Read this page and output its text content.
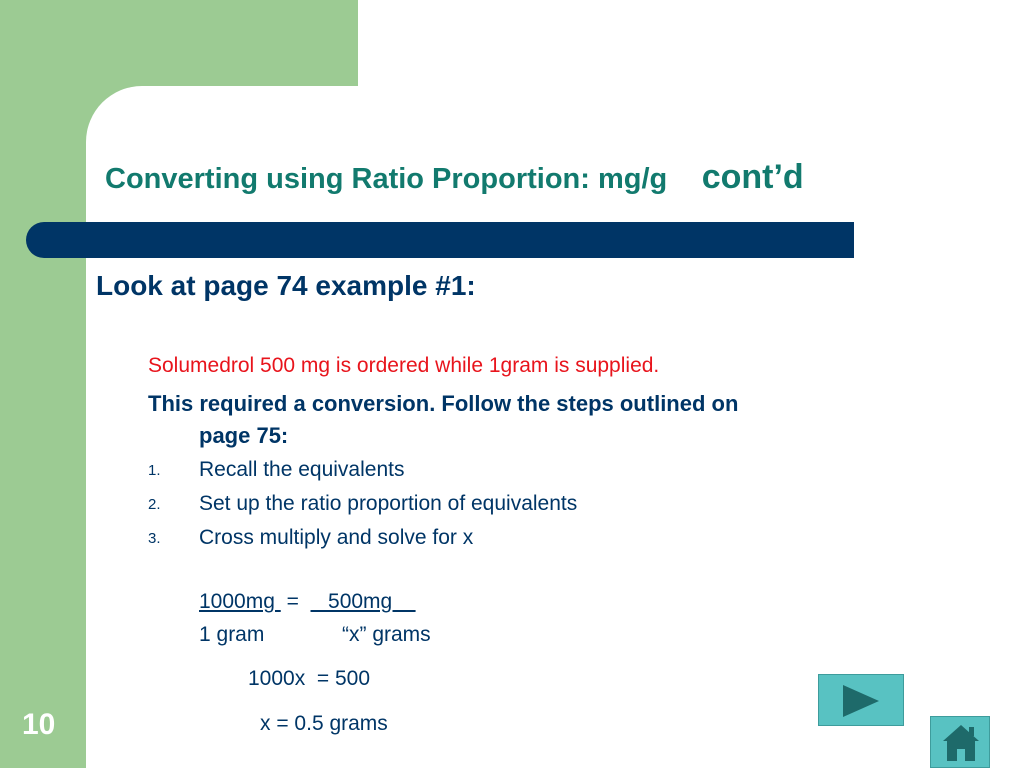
Converting using Ratio Proportion: mg/g cont’d
Look at page 74 example #1:
Solumedrol 500 mg is ordered while 1gram is supplied.
This required a conversion. Follow the steps outlined on
page 75:
1. Recall the equivalents
2. Set up the ratio proportion of equivalents
3. Cross multiply and solve for x
1000mg  =     500mg
1 gram	“x” grams
1000x  = 500
x = 0.5 grams
10
